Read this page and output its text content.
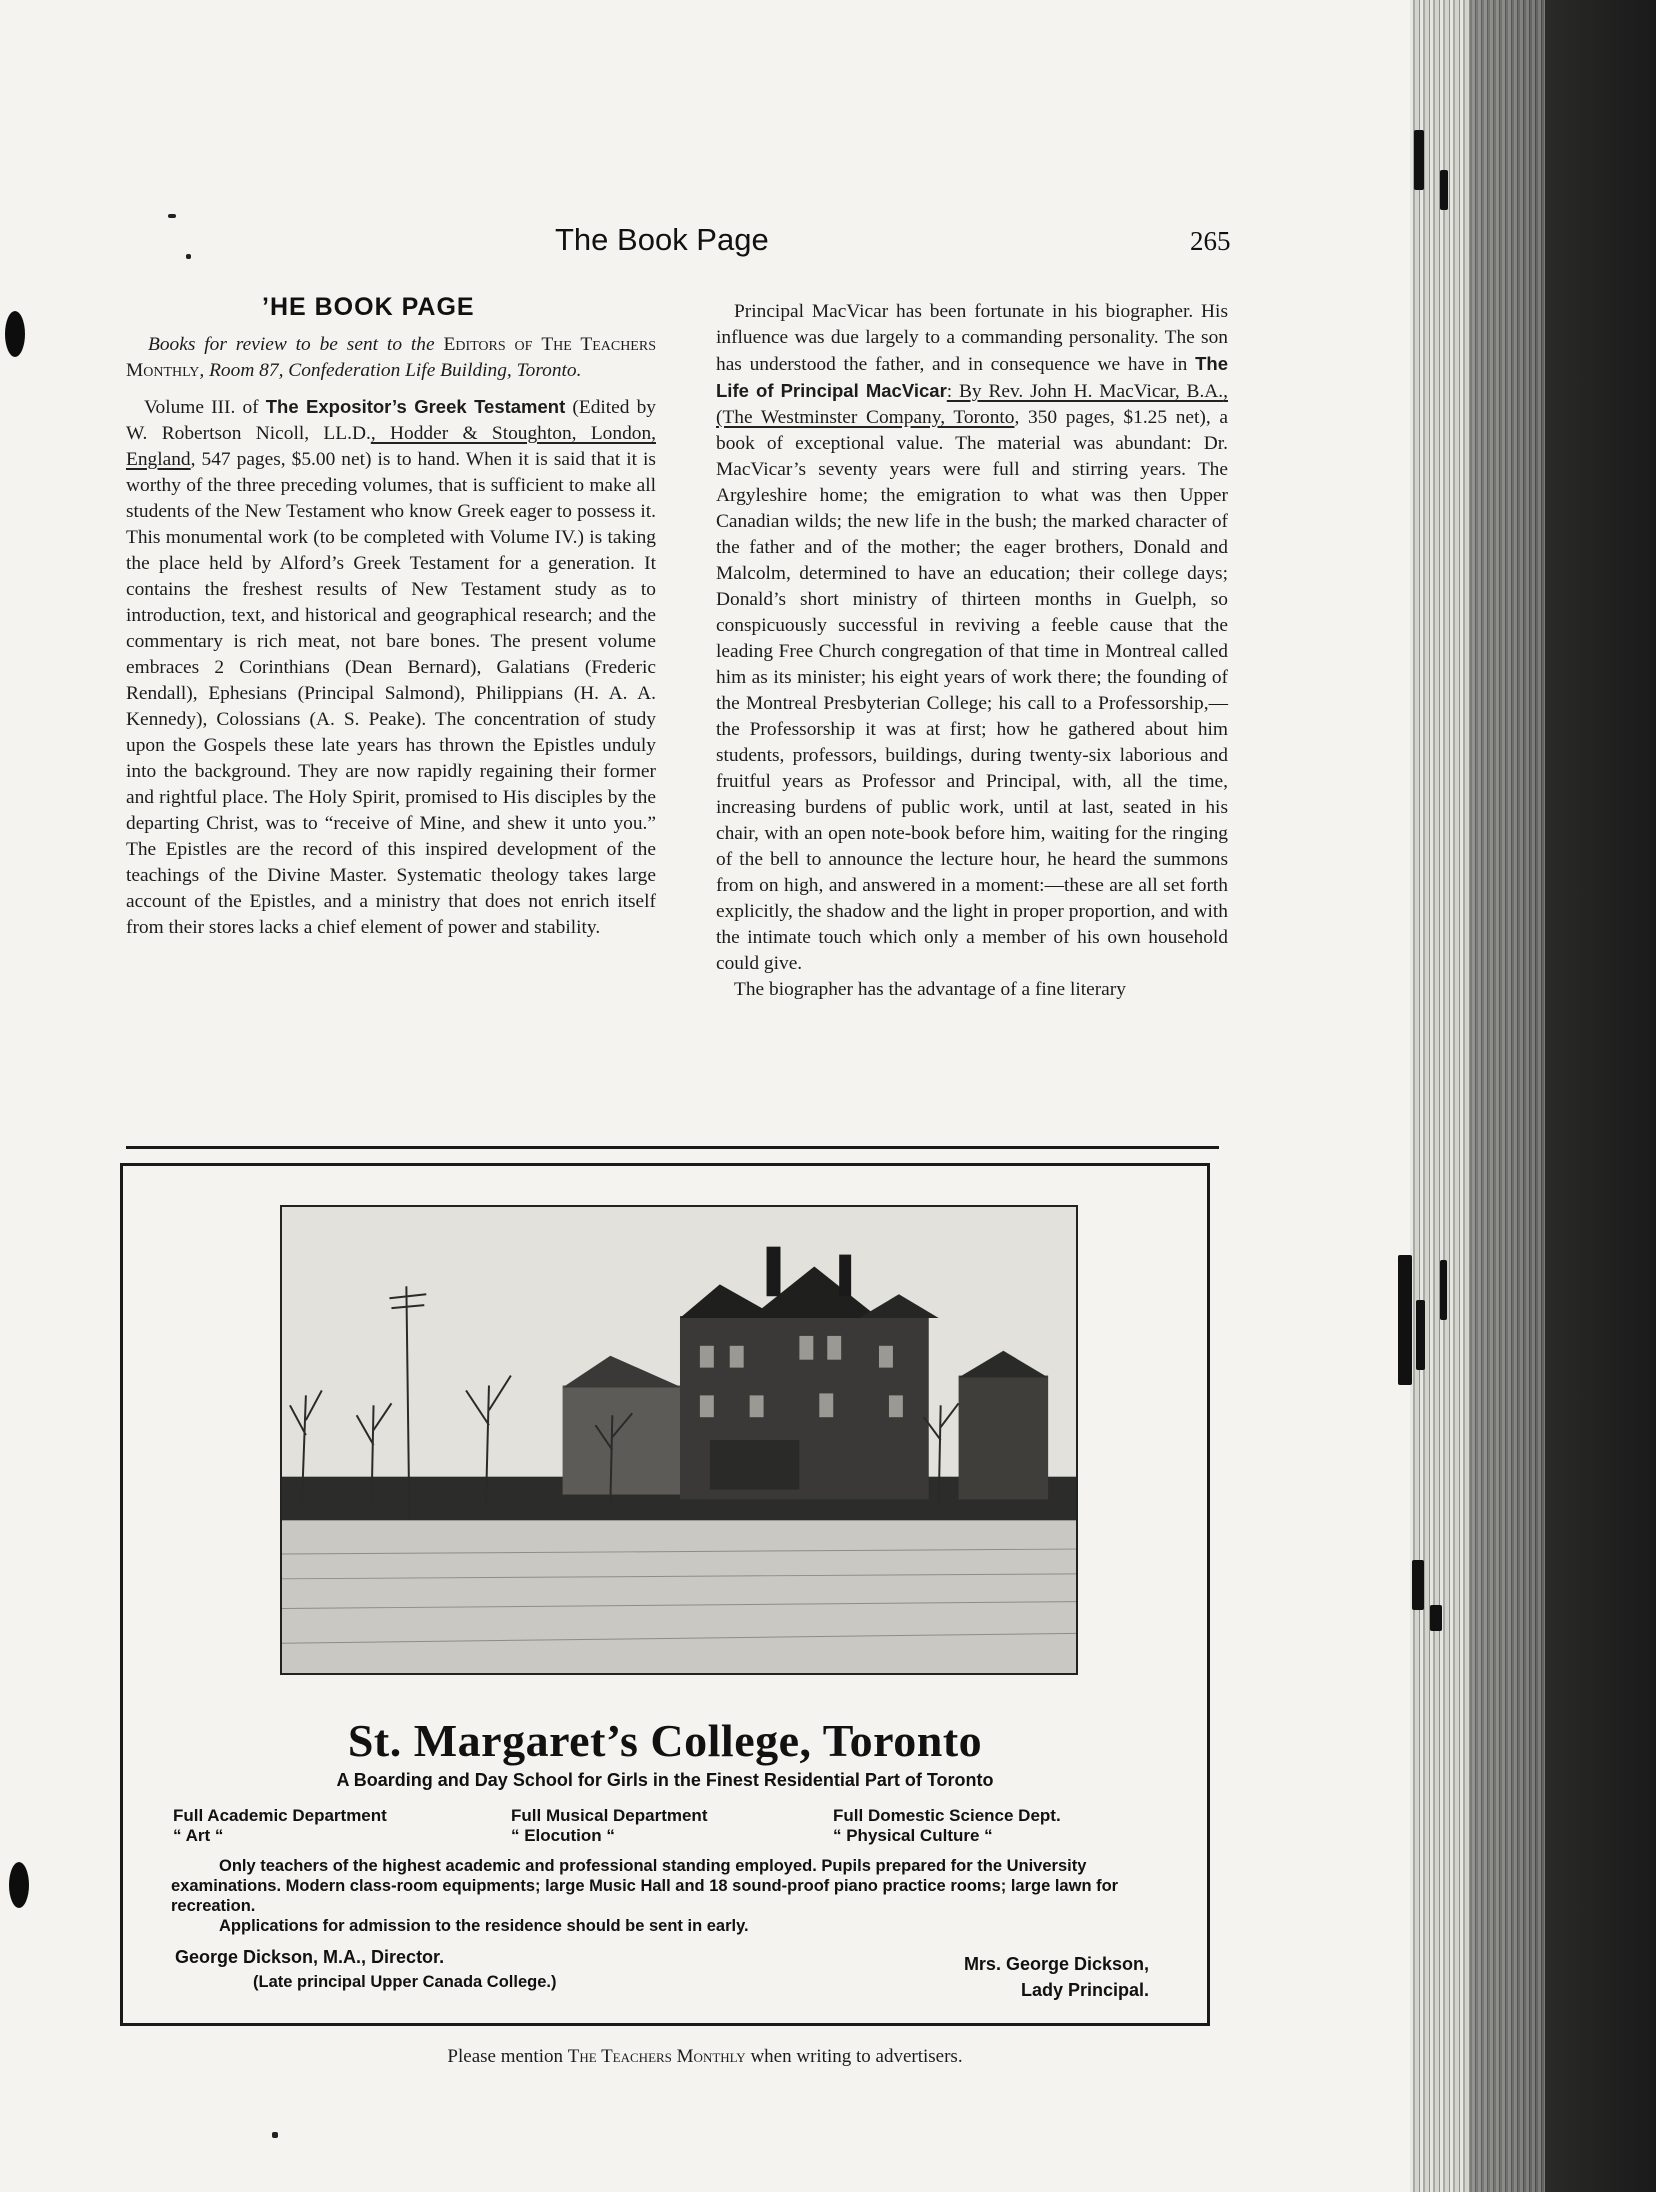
The Book Page	265
’HE BOOK PAGE

Books for review to be sent to the Editors of The Teachers Monthly, Room 87, Confederation Life Building, Toronto.

Volume III. of The Expositor’s Greek Testament (Edited by W. Robertson Nicoll, LL.D., Hodder & Stoughton, London, England, 547 pages, $5.00 net) is to hand. When it is said that it is worthy of the three preceding volumes, that is sufficient to make all students of the New Testament who know Greek eager to possess it. This monumental work (to be completed with Volume IV.) is taking the place held by Alford’s Greek Testament for a generation. It contains the freshest results of New Testament study as to introduction, text, and historical and geographical research; and the commentary is rich meat, not bare bones. The present volume embraces 2 Corinthians (Dean Bernard), Galatians (Frederic Rendall), Ephesians (Principal Salmond), Philippians (H. A. A. Kennedy), Colossians (A. S. Peake). The concentration of study upon the Gospels these late years has thrown the Epistles unduly into the background. They are now rapidly regaining their former and rightful place. The Holy Spirit, promised to His disciples by the departing Christ, was to “receive of Mine, and shew it unto you.” The Epistles are the record of this inspired development of the teachings of the Divine Master. Systematic theology takes large account of the Epistles, and a ministry that does not enrich itself from their stores lacks a chief element of power and stability.

Principal MacVicar has been fortunate in his biographer. His influence was due largely to a commanding personality. The son has understood the father, and in consequence we have in The Life of Principal MacVicar: By Rev. John H. MacVicar, B.A., (The Westminster Company, Toronto, 350 pages, $1.25 net), a book of exceptional value. The material was abundant: Dr. MacVicar’s seventy years were full and stirring years. The Argyleshire home; the emigration to what was then Upper Canadian wilds; the new life in the bush; the marked character of the father and of the mother; the eager brothers, Donald and Malcolm, determined to have an education; their college days; Donald’s short ministry of thirteen months in Guelph, so conspicuously successful in reviving a feeble cause that the leading Free Church congregation of that time in Montreal called him as its minister; his eight years of work there; the founding of the Montreal Presbyterian College; his call to a Professorship,—the Professorship it was at first; how he gathered about him students, professors, buildings, during twenty-six laborious and fruitful years as Professor and Principal, with, all the time, increasing burdens of public work, until at last, seated in his chair, with an open note-book before him, waiting for the ringing of the bell to announce the lecture hour, he heard the summons from on high, and answered in a moment:—these are all set forth explicitly, the shadow and the light in proper proportion, and with the intimate touch which only a member of his own household could give.

The biographer has the advantage of a fine literary

St. Margaret’s College, Toronto
A Boarding and Day School for Girls in the Finest Residential Part of Toronto
Full Academic Department
“ Art “
Full Musical Department
“ Elocution “
Full Domestic Science Dept.
“ Physical Culture “

Only teachers of the highest academic and professional standing employed. Pupils prepared for the University examinations. Modern class-room equipments; large Music Hall and 18 sound-proof piano practice rooms; large lawn for recreation.

Applications for admission to the residence should be sent in early.

George Dickson, M.A., Director.
(Late principal Upper Canada College.)
Mrs. George Dickson,
Lady Principal.
Please mention The Teachers Monthly when writing to advertisers.
